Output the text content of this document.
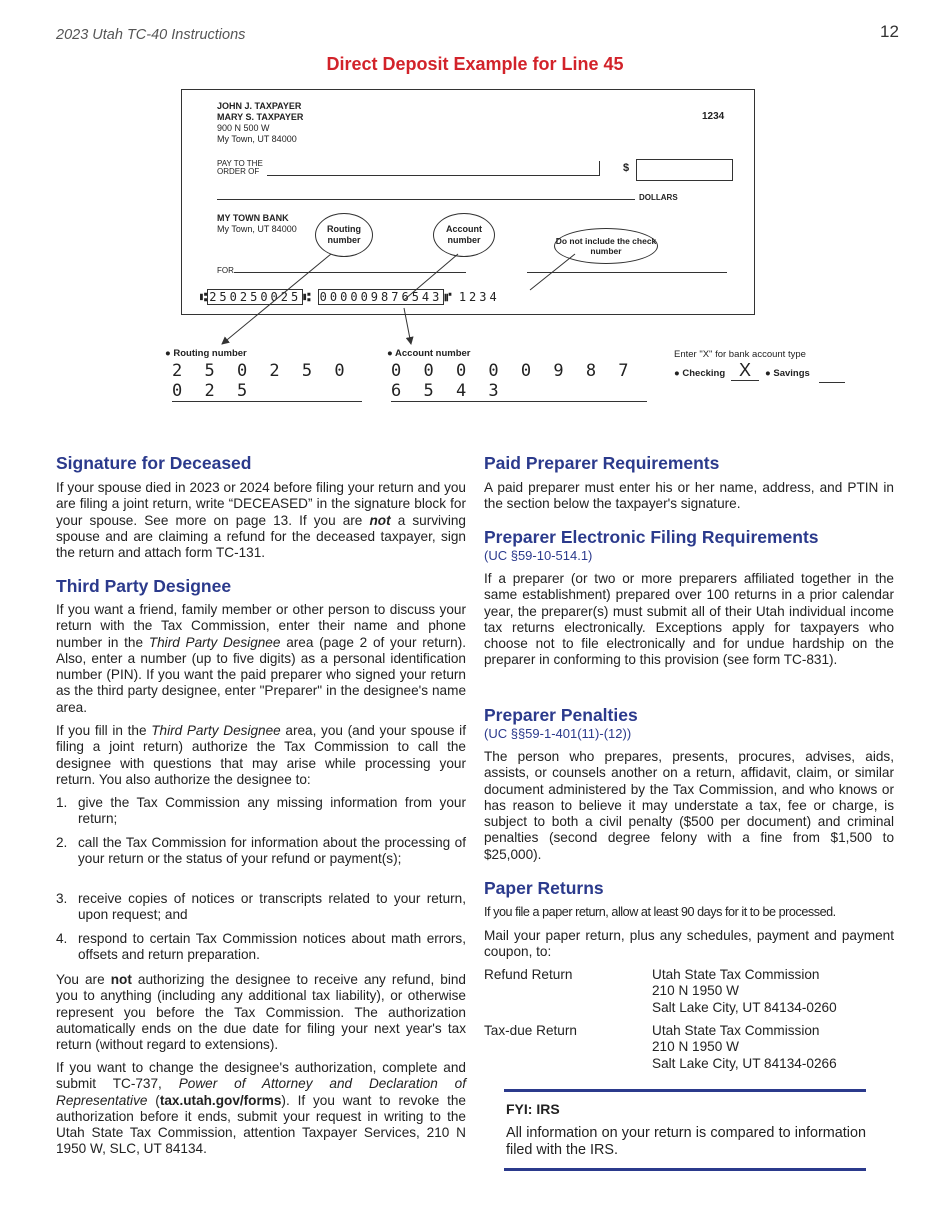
2023 Utah TC-40 Instructions	12
Direct Deposit Example for Line 45
JOHN J. TAXPAYER
MARY S. TAXPAYER
900 N 500 W
My Town, UT 84000
1234
PAY TO THE
ORDER OF	$
DOLLARS
MY TOWN BANK
My Town, UT 84000
FOR
Routing number
Account number	Do not include the check number
⑆ 250250025 ⑆ 000009876543 ⑈ 1234
● Routing number
2 5 0 2 5 0 0 2 5
● Account number
0 0 0 0 0 9 8 7 6 5 4 3
Enter "X" for bank account type
● Checking X	● Savings
Signature for Deceased

If your spouse died in 2023 or 2024 before filing your return and you are filing a joint return, write “DECEASED” in the signature block for your spouse. See more on page 13. If you are not a surviving spouse and are claiming a refund for the deceased taxpayer, sign the return and attach form TC-131.

Third Party Designee

If you want a friend, family member or other person to discuss your return with the Tax Commission, enter their name and phone number in the Third Party Designee area (page 2 of your return). Also, enter a number (up to five digits) as a personal identification number (PIN). If you want the paid preparer who signed your return as the third party designee, enter "Preparer" in the designee's name area.

If you fill in the Third Party Designee area, you (and your spouse if filing a joint return) authorize the Tax Commission to call the designee with questions that may arise while processing your return. You also authorize the designee to:

1. give the Tax Commission any missing information from your return;
2. call the Tax Commission for information about the processing of your return or the status of your refund or payment(s);
3. receive copies of notices or transcripts related to your return, upon request; and
4. respond to certain Tax Commission notices about math errors, offsets and return preparation.

You are not authorizing the designee to receive any refund, bind you to anything (including any additional tax liability), or otherwise represent you before the Tax Commission. The authorization automatically ends on the due date for filing your next year's tax return (without regard to extensions).

If you want to change the designee's authorization, complete and submit TC-737, Power of Attorney and Declaration of Representative (tax.utah.gov/forms). If you want to revoke the authorization before it ends, submit your request in writing to the Utah State Tax Commission, attention Taxpayer Services, 210 N 1950 W, SLC, UT 84134.

Paid Preparer Requirements

A paid preparer must enter his or her name, address, and PTIN in the section below the taxpayer's signature.

Preparer Electronic Filing Requirements
(UC §59-10-514.1)

If a preparer (or two or more preparers affiliated together in the same establishment) prepared over 100 returns in a prior calendar year, the preparer(s) must submit all of their Utah individual income tax returns electronically. Exceptions apply for taxpayers who choose not to file electronically and for undue hardship on the preparer in conforming to this provision (see form TC-831).

Preparer Penalties
(UC §§59-1-401(11)-(12))

The person who prepares, presents, procures, advises, aids, assists, or counsels another on a return, affidavit, claim, or similar document administered by the Tax Commission, and who knows or has reason to believe it may understate a tax, fee or charge, is subject to both a civil penalty ($500 per document) and criminal penalties (second degree felony with a fine from $1,500 to $25,000).

Paper Returns

If you file a paper return, allow at least 90 days for it to be processed.

Mail your paper return, plus any schedules, payment and payment coupon, to:

Refund Return	Utah State Tax Commission

210 N 1950 W

Salt Lake City, UT 84134-0260

Tax-due Return	Utah State Tax Commission

210 N 1950 W

Salt Lake City, UT 84134-0266

FYI: IRS

All information on your return is compared to information filed with the IRS.
